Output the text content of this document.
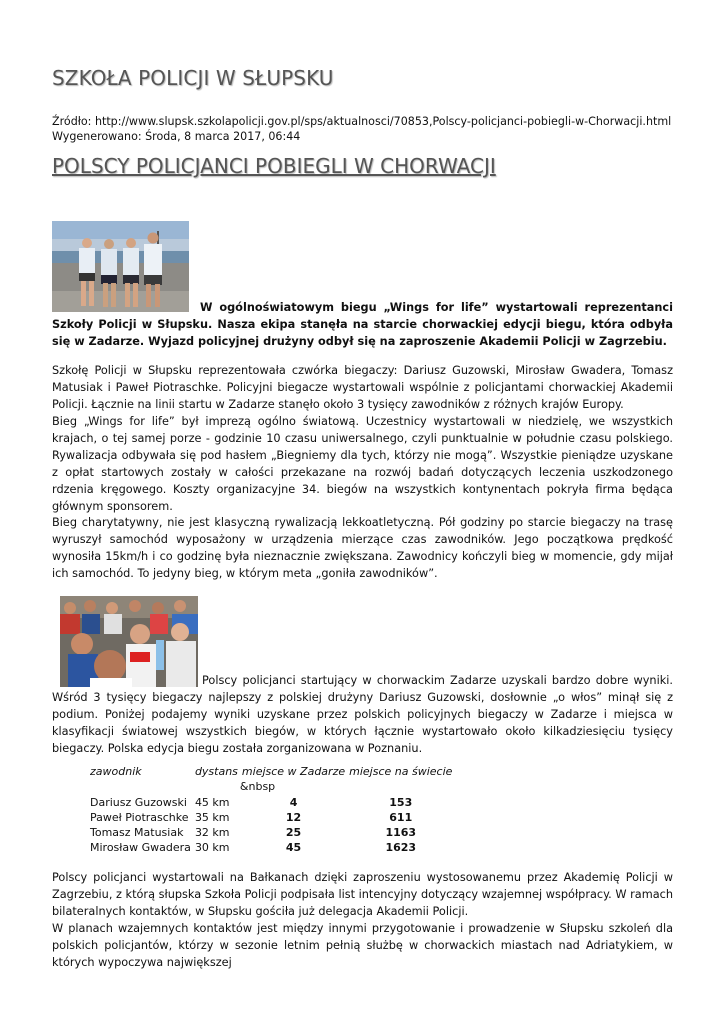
SZKOŁA POLICJI W SŁUPSKU
Źródło: http://www.slupsk.szkolapolicji.gov.pl/sps/aktualnosci/70853,Polscy-policjanci-pobiegli-w-Chorwacji.html
Wygenerowano: Środa, 8 marca 2017, 06:44
POLSCY POLICJANCI POBIEGLI W CHORWACJI
W ogólnoświatowym biegu „Wings for life” wystartowali reprezentanci Szkoły Policji w Słupsku. Nasza ekipa stanęła na starcie chorwackiej edycji biegu, która odbyła się w Zadarze. Wyjazd policyjnej drużyny odbył się na zaproszenie Akademii Policji w Zagrzebiu.
Szkołę Policji w Słupsku reprezentowała czwórka biegaczy: Dariusz Guzowski, Mirosław Gwadera, Tomasz Matusiak i Paweł Piotraschke. Policyjni biegacze wystartowali wspólnie z policjantami chorwackiej Akademii Policji. Łącznie na linii startu w Zadarze stanęło około 3 tysięcy zawodników z różnych krajów Europy.
Bieg „Wings for life” był imprezą ogólno światową. Uczestnicy wystartowali w niedzielę, we wszystkich krajach, o tej samej porze - godzinie 10 czasu uniwersalnego, czyli punktualnie w południe czasu polskiego. Rywalizacja odbywała się pod hasłem „Biegniemy dla tych, którzy nie mogą”. Wszystkie pieniądze uzyskane z opłat startowych zostały w całości przekazane na rozwój badań dotyczących leczenia uszkodzonego rdzenia kręgowego. Koszty organizacyjne 34. biegów na wszystkich kontynentach pokryła firma będąca głównym sponsorem.
Bieg charytatywny, nie jest klasyczną rywalizacją lekkoatletyczną. Pół godziny po starcie biegaczy na trasę wyruszył samochód wyposażony w urządzenia mierzące czas zawodników. Jego początkowa prędkość wynosiła 15km/h i co godzinę była nieznacznie zwiększana. Zawodnicy kończyli bieg w momencie, gdy mijał ich samochód. To jedyny bieg, w którym meta „goniła zawodników”.
Polscy policjanci startujący w chorwackim Zadarze uzyskali bardzo dobre wyniki. Wśród 3 tysięcy biegaczy najlepszy z polskiej drużyny Dariusz Guzowski, dosłownie „o włos” minął się z podium. Poniżej podajemy wyniki uzyskane przez polskich policyjnych biegaczy w Zadarze i miejsca w klasyfikacji światowej wszystkich biegów, w których łącznie wystartowało około kilkadziesięciu tysięcy biegaczy. Polska edycja biegu została zorganizowana w Poznaniu.
zawodnik	dystans	miejsce w Zadarze	miejsce na świecie
		&nbsp	
Dariusz Guzowski	45 km	4	153
Paweł Piotraschke	35 km	12	611
Tomasz Matusiak	32 km	25	1163
Mirosław Gwadera	30 km	45	1623
Polscy policjanci wystartowali na Bałkanach dzięki zaproszeniu wystosowanemu przez Akademię Policji w Zagrzebiu, z którą słupska Szkoła Policji podpisała list intencyjny dotyczący wzajemnej współpracy. W ramach bilateralnych kontaktów, w Słupsku gościła już delegacja Akademii Policji.
W planach wzajemnych kontaktów jest między innymi przygotowanie i prowadzenie w Słupsku szkoleń dla polskich policjantów, którzy w sezonie letnim pełnią służbę w chorwackich miastach nad Adriatykiem, w których wypoczywa największej
